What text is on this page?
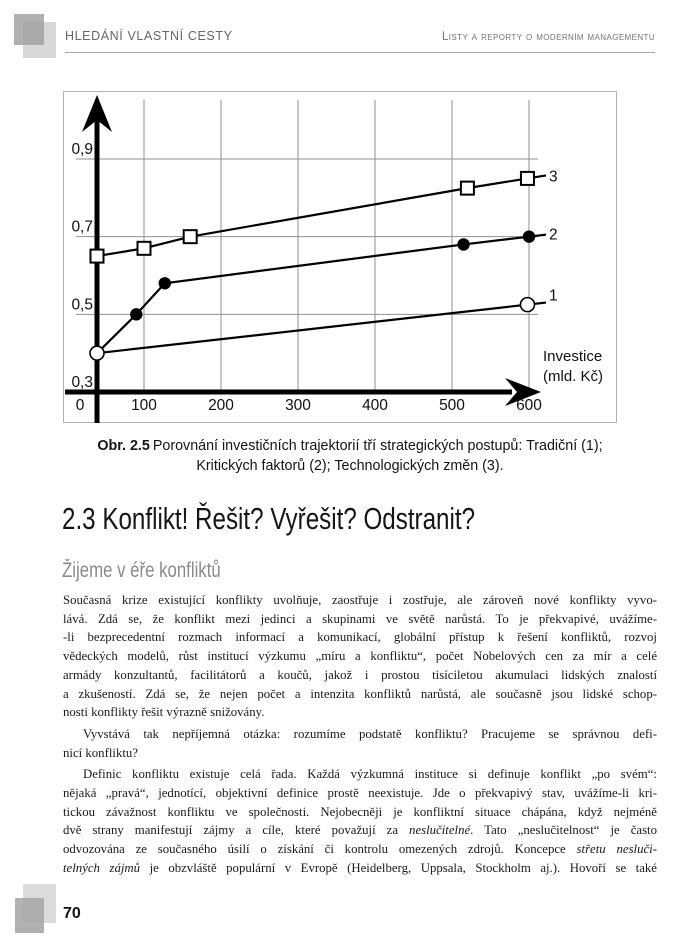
HLEDÁNÍ VLASTNÍ CESTY	Listy a reporty o moderním managementu
0	100	200	300	400	500	600
0,3
0,5
0,7
0,9
Investice
(mld. Kč)
1
2
3
Obr. 2.5 Porovnání investičních trajektorií tří strategických postupů: Tradiční (1);
Kritických faktorů (2); Technologických změn (3).
2.3 Konflikt! Řešit? Vyřešit? Odstranit?
Žijeme v éře konfliktů
Současná krize existující konflikty uvolňuje, zaostřuje i zostřuje, ale zároveň nové konflikty vyvo-
lává. Zdá se, že konflikt mezi jedinci a skupinami ve světě narůstá. To je překvapivé, uvážíme-
-li bezprecedentní rozmach informací a komunikací, globální přístup k řešení konfliktů, rozvoj
vědeckých modelů, růst institucí výzkumu „míru a konfliktu“, počet Nobelových cen za mír a celé
armády konzultantů, facilitátorů a koučů, jakož i prostou tisíciletou akumulaci lidských znalostí
a zkušeností. Zdá se, že nejen počet a intenzita konfliktů narůstá, ale současně jsou lidské schop-
nosti konflikty řešit výrazně snižovány.
Vyvstává tak nepříjemná otázka: rozumíme podstatě konfliktu? Pracujeme se správnou defi-
nicí konfliktu?
Definic konfliktu existuje celá řada. Každá výzkumná instituce si definuje konflikt „po svém“:
nějaká „pravá“, jednotící, objektivní definice prostě neexistuje. Jde o překvapivý stav, uvážíme-li kri-
tickou závažnost konfliktu ve společnosti. Nejobecněji je konfliktní situace chápána, když nejméně
dvě strany manifestují zájmy a cíle, které považují za neslučitelné. Tato „neslučitelnost“ je často
odvozována ze současného úsilí o získání či kontrolu omezených zdrojů. Koncepce střetu nesluči-
telných zájmů je obzvláště populární v Evropě (Heidelberg, Uppsala, Stockholm aj.). Hovoří se také
70
